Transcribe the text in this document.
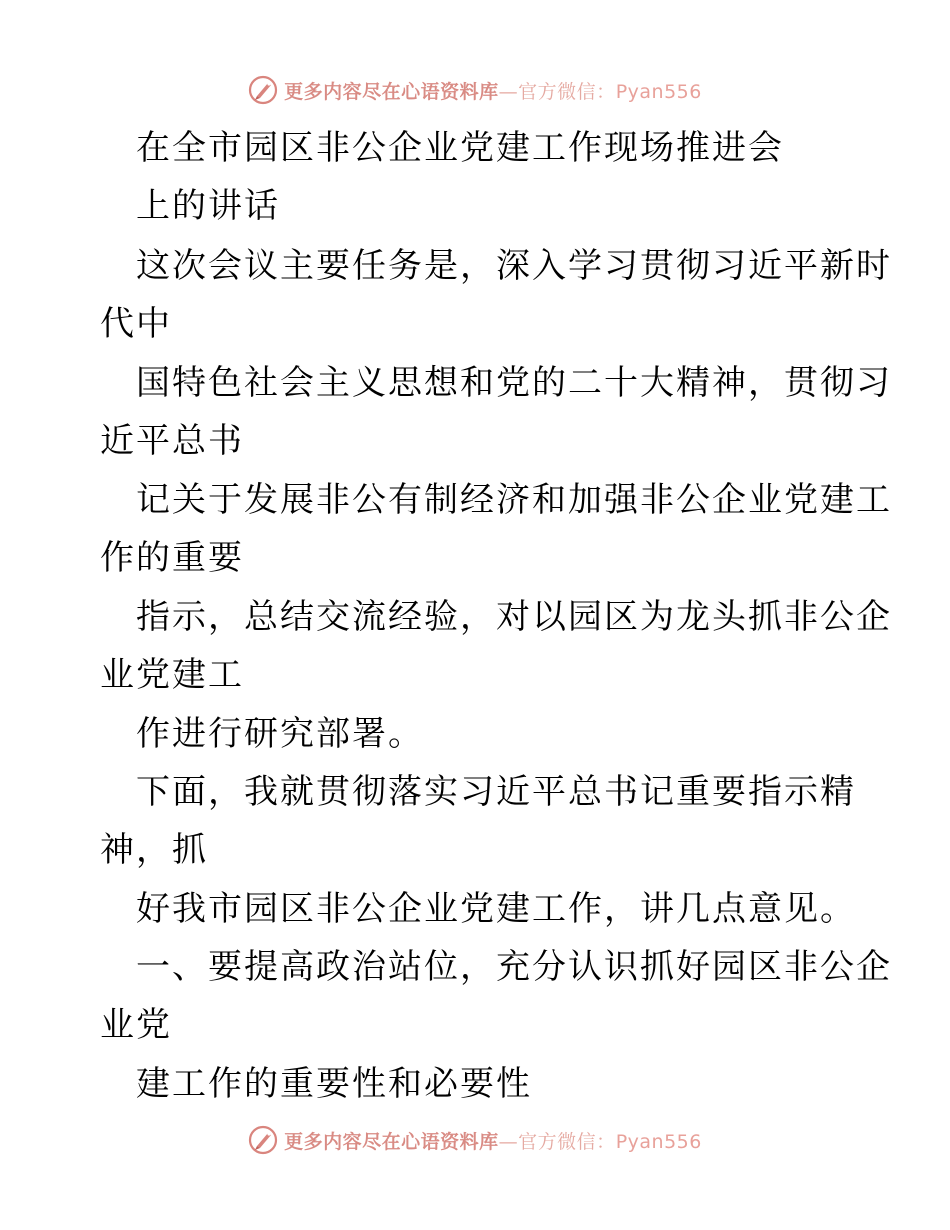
更多内容尽在心语资料库—官方微信：Pyan556
在全市园区非公企业党建工作现场推进会
上的讲话
这次会议主要任务是，深入学习贯彻习近平新时
代中
国特色社会主义思想和党的二十大精神，贯彻习
近平总书
记关于发展非公有制经济和加强非公企业党建工
作的重要
指示，总结交流经验，对以园区为龙头抓非公企
业党建工
作进行研究部署。
下面，我就贯彻落实习近平总书记重要指示精
神，抓
好我市园区非公企业党建工作，讲几点意见。
一、要提高政治站位，充分认识抓好园区非公企
业党
建工作的重要性和必要性
更多内容尽在心语资料库—官方微信：Pyan556
